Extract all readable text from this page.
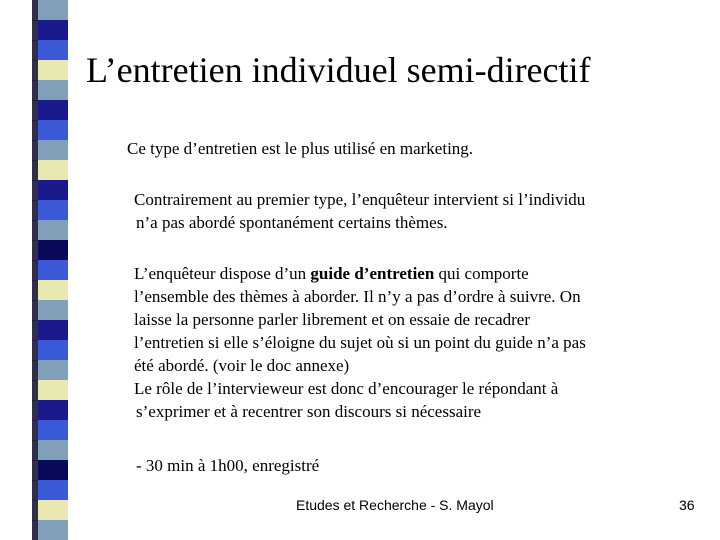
L’entretien individuel semi-directif
Ce type d’entretien est le plus utilisé en marketing.
Contrairement au premier type, l’enquêteur intervient si l’individu
n’a pas abordé spontanément certains thèmes.
L’enquêteur dispose d’un guide d’entretien qui comporte
l’ensemble des thèmes à aborder. Il n’y a pas d’ordre à suivre. On
laisse la personne parler librement et on essaie de recadrer
l’entretien si elle s’éloigne du sujet où si un point du guide n’a pas
été abordé. (voir le doc annexe)
Le rôle de l’intervieweur est donc d’encourager le répondant à
s’exprimer et à recentrer son discours si nécessaire
- 30 min à 1h00, enregistré
Etudes et Recherche - S. Mayol	36
